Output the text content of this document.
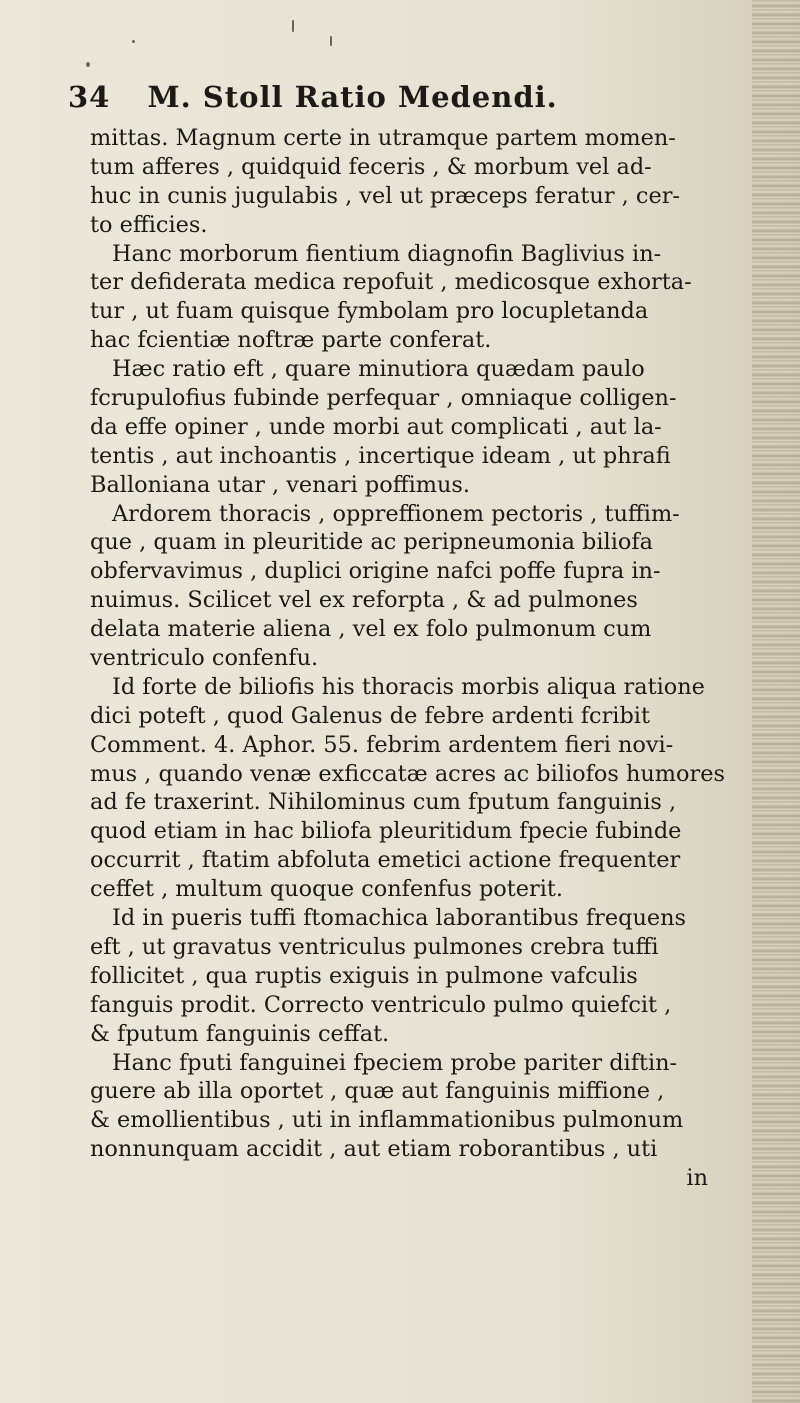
34 M. Stoll Ratio Medendi.
mittas. Magnum certe in utramque partem momen-
tum afferes , quidquid feceris , & morbum vel ad-
huc in cunis jugulabis , vel ut præceps feratur , cer-
to efficies.
Hanc morborum fientium diagnofin Baglivius in-
ter defiderata medica repofuit , medicosque exhorta-
tur , ut fuam quisque fymbolam pro locupletanda
hac fcientiæ noftræ parte conferat.
Hæc ratio eft , quare minutiora quædam paulo
fcrupulofius fubinde perfequar , omniaque colligen-
da effe opiner , unde morbi aut complicati , aut la-
tentis , aut inchoantis , incertique ideam , ut phrafi
Balloniana utar , venari poffimus.
Ardorem thoracis , oppreffionem pectoris , tuffim-
que , quam in pleuritide ac peripneumonia biliofa
obfervavimus , duplici origine nafci poffe fupra in-
nuimus. Scilicet vel ex reforpta , & ad pulmones
delata materie aliena , vel ex folo pulmonum cum
ventriculo confenfu.
Id forte de biliofis his thoracis morbis aliqua ratione
dici poteft , quod Galenus de febre ardenti fcribit
Comment. 4. Aphor. 55. febrim ardentem fieri novi-
mus , quando venæ exficcatæ acres ac biliofos humores
ad fe traxerint. Nihilominus cum fputum fanguinis ,
quod etiam in hac biliofa pleuritidum fpecie fubinde
occurrit , ftatim abfoluta emetici actione frequenter
ceffet , multum quoque confenfus poterit.
Id in pueris tuffi ftomachica laborantibus frequens
eft , ut gravatus ventriculus pulmones crebra tuffi
follicitet , qua ruptis exiguis in pulmone vafculis
fanguis prodit. Correcto ventriculo pulmo quiefcit ,
& fputum fanguinis ceffat.
Hanc fputi fanguinei fpeciem probe pariter diftin-
guere ab illa oportet , quæ aut fanguinis miffione ,
& emollientibus , uti in inflammationibus pulmonum
nonnunquam accidit , aut etiam roborantibus , uti
in
